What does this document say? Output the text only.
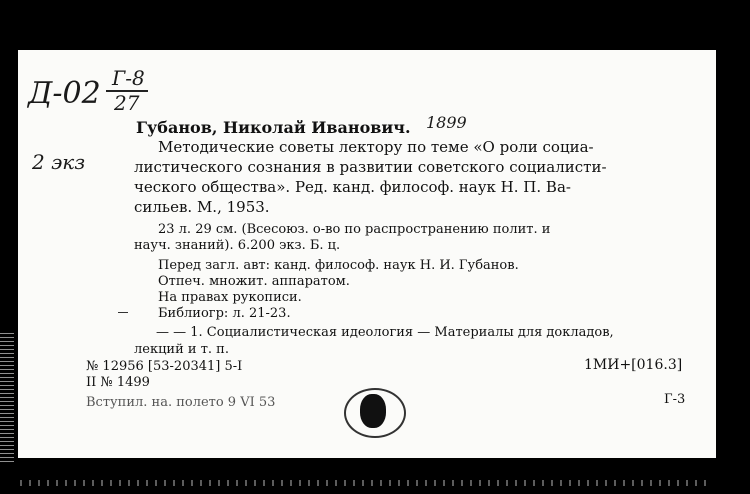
Д-02 Г-8
27
1899
2 экз
Губанов, Николай Иванович.
Методические советы лектору по теме «О роли социа-
листического сознания в развитии советского социалисти-
ческого общества». Ред. канд. философ. наук Н. П. Ва-
сильев. М., 1953.
23 л. 29 см. (Всесоюз. о-во по распространению полит. и
науч. знаний). 6.200 экз. Б. ц.
Перед загл. авт: канд. философ. наук Н. И. Губанов.
Отпеч. множит. аппаратом.
На правах рукописи.
Библиогр: л. 21-23.
— — 1. Социалистическая идеология — Материалы для докладов,
лекций и т. п.
№ 12956 [53-20341] 5-I
II № 1499
Вступил. на. полето 9 VI 53
1МИ+[016.3]
Г-3
